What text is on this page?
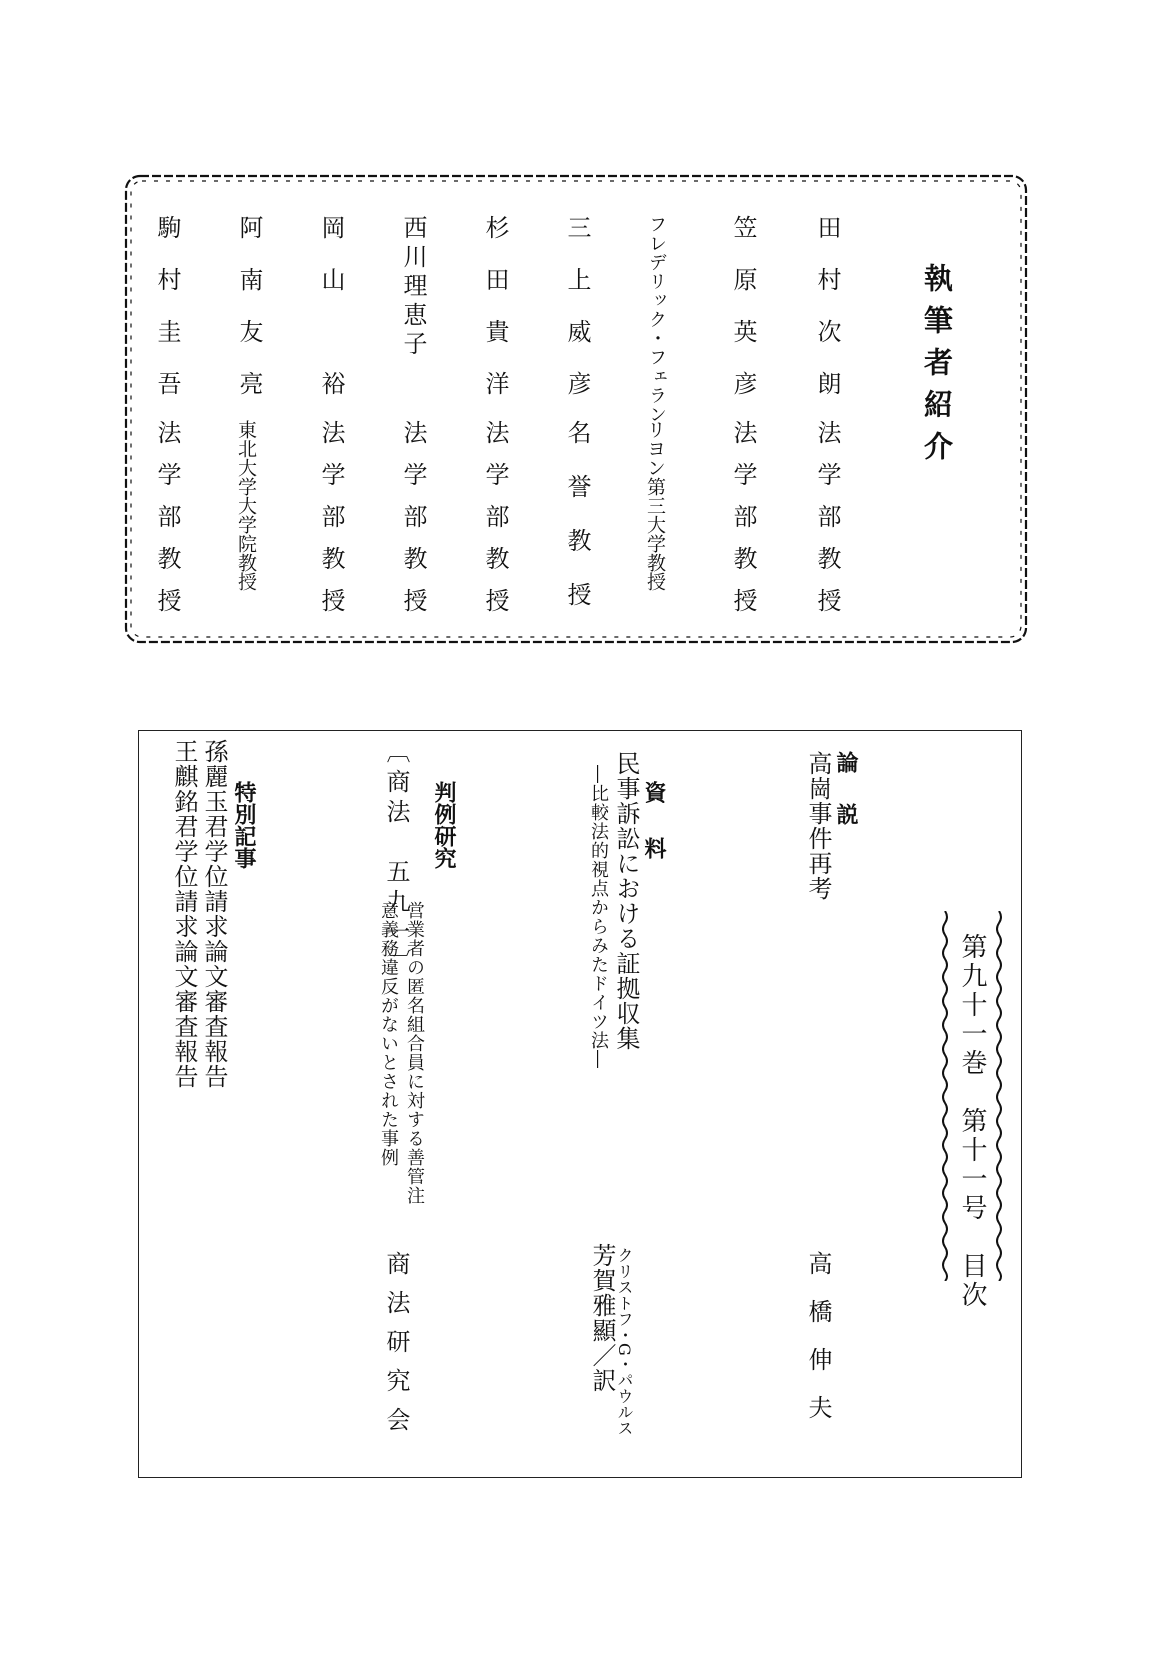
執筆者紹介
田村次朗
法学部教授
笠原英彦
法学部教授
フレデリック・フェラン
リヨン第三大学教授
三上威彦
名誉教授
杉田貴洋
法学部教授
西川理恵子
法学部教授
岡山　裕
法学部教授
阿南友亮
東北大学大学院教授
駒村圭吾
法学部教授
第九十一巻　第十一号　目次
論　説
高崗事件再考
高橋伸夫
資　料
民事訴訟における証拠収集
―比較法的視点からみたドイツ法―
クリストフ・G・パウルス
芳賀雅顯／訳
判例研究
〔商法　五九一〕
営業者の匿名組合員に対する善管注
意義務違反がないとされた事例
商法研究会
特別記事
孫麗玉君学位請求論文審査報告
王麒銘君学位請求論文審査報告
